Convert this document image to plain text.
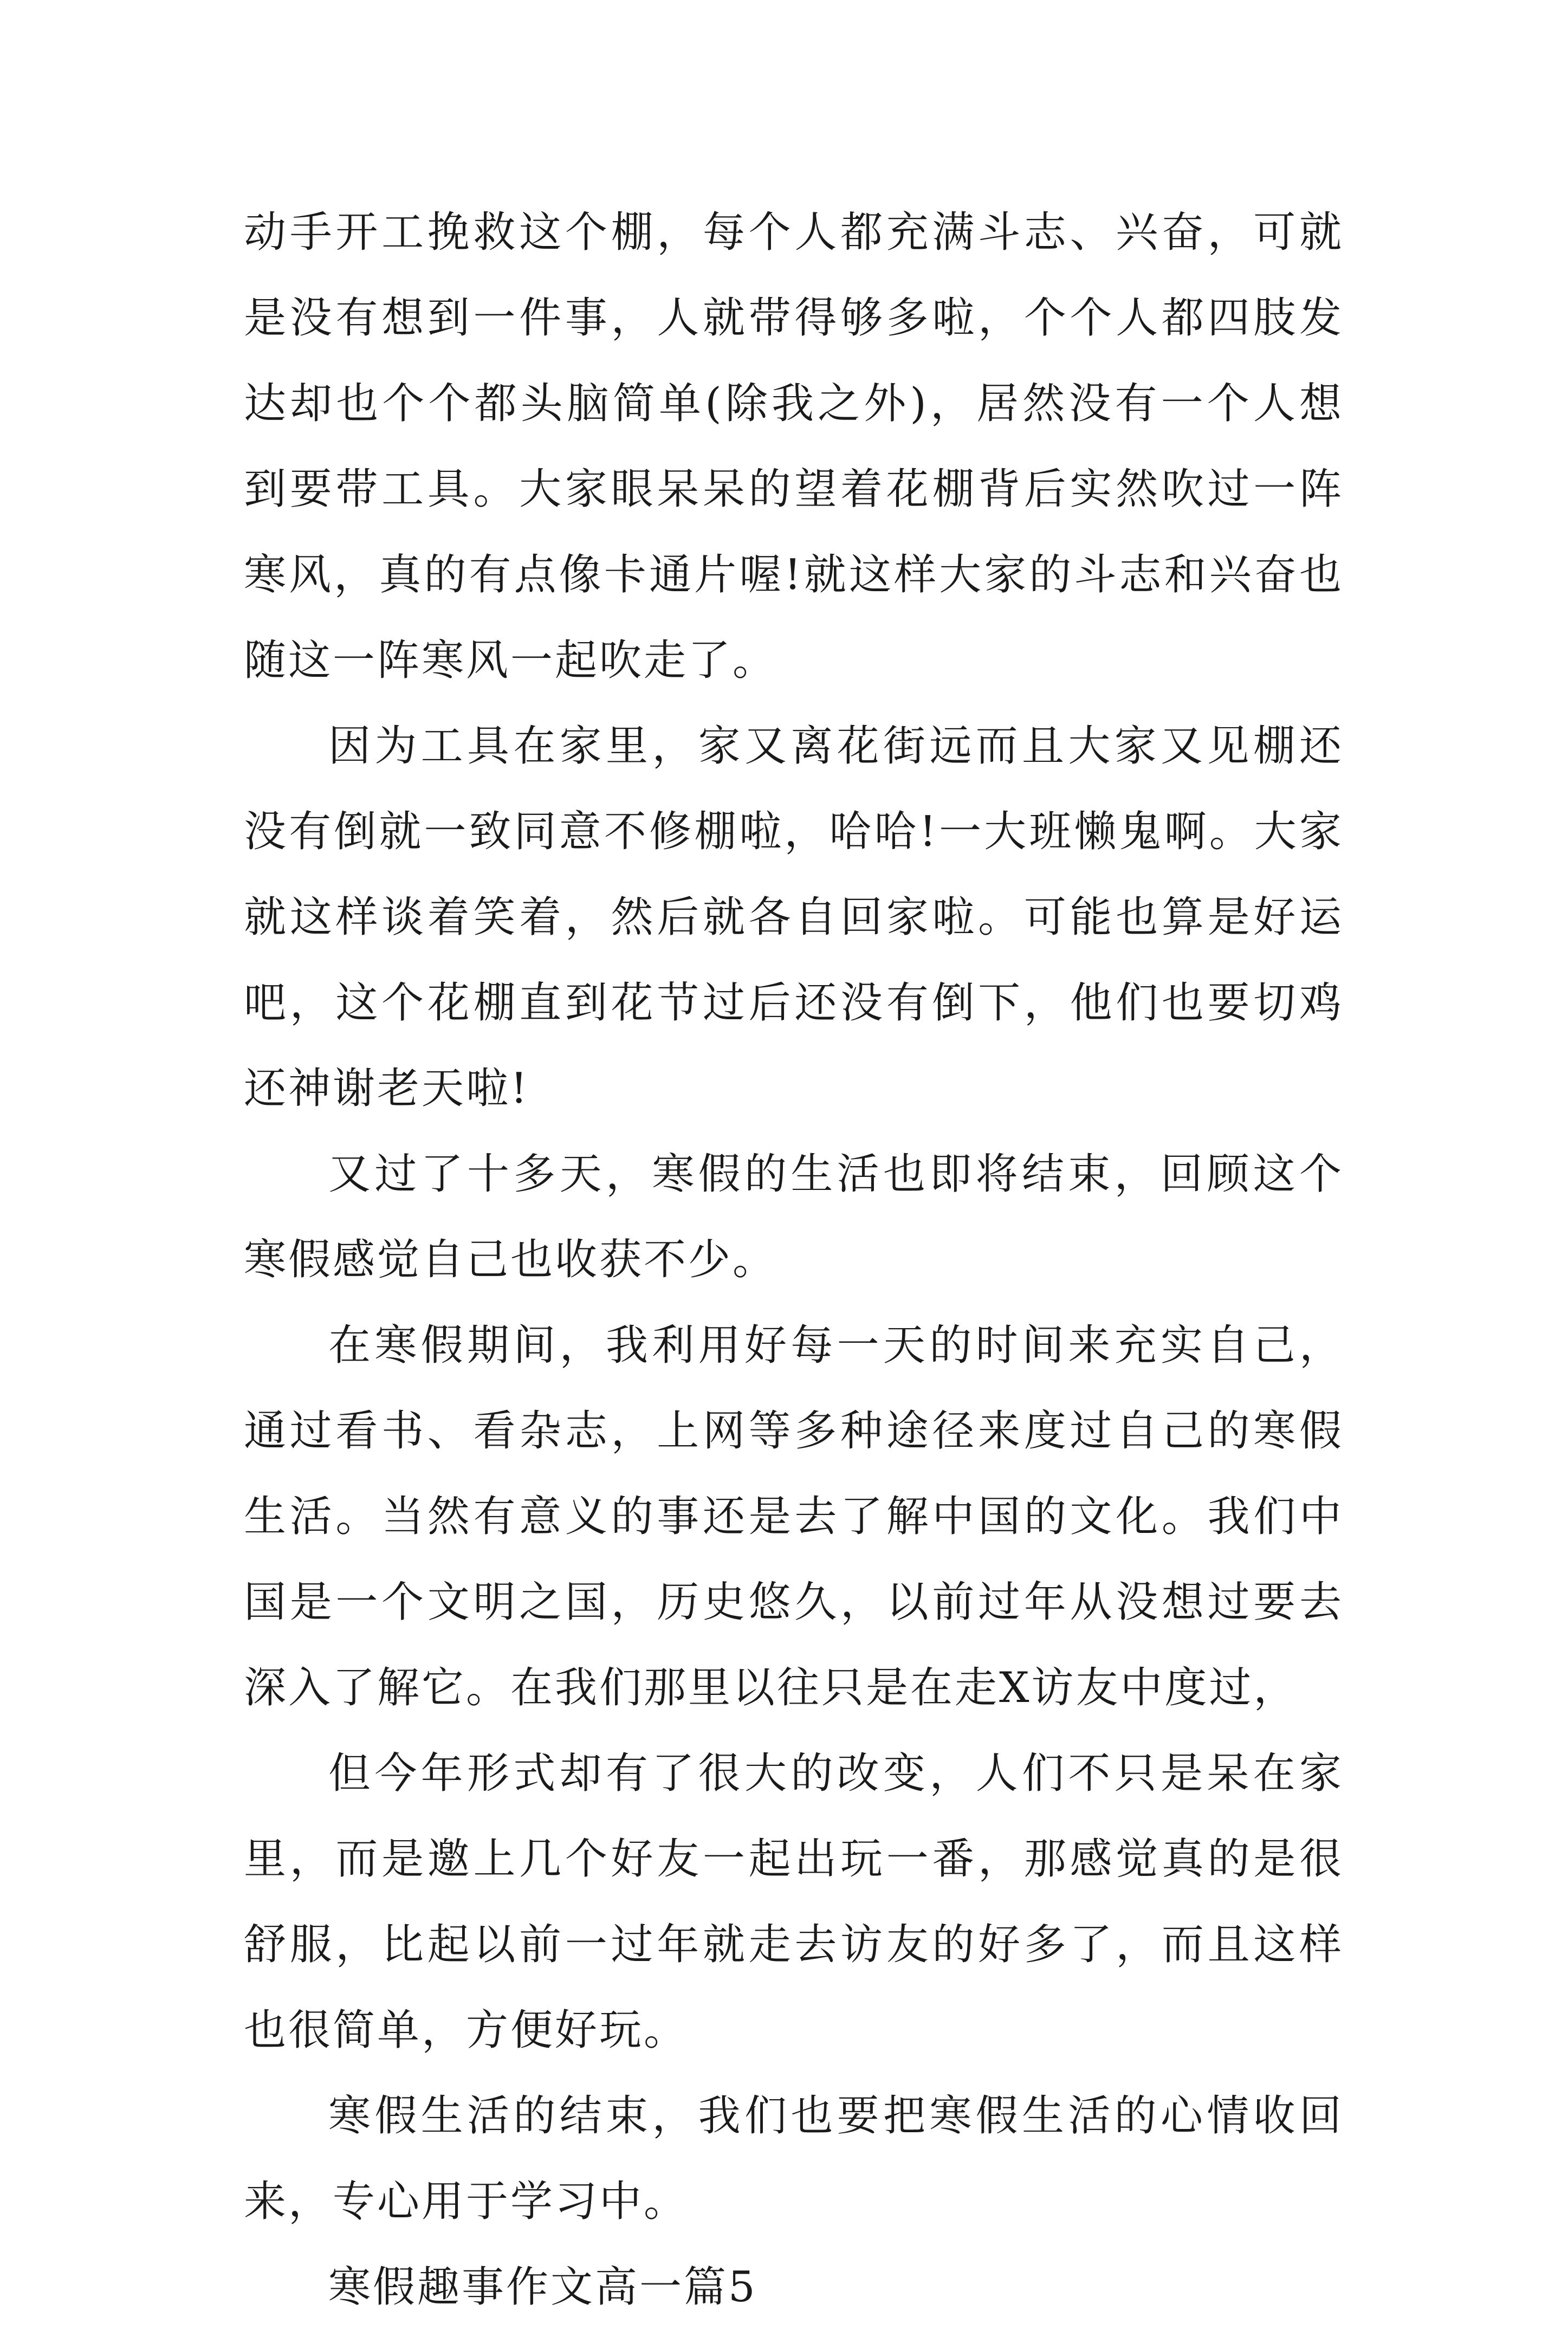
动手开工挽救这个棚，每个人都充满斗志、兴奋，可就是没有想到一件事，人就带得够多啦，个个人都四肢发达却也个个都头脑简单(除我之外)，居然没有一个人想到要带工具。大家眼呆呆的望着花棚背后实然吹过一阵寒风，真的有点像卡通片喔!就这样大家的斗志和兴奋也随这一阵寒风一起吹走了。

因为工具在家里，家又离花街远而且大家又见棚还没有倒就一致同意不修棚啦，哈哈!一大班懒鬼啊。大家就这样谈着笑着，然后就各自回家啦。可能也算是好运吧，这个花棚直到花节过后还没有倒下，他们也要切鸡还神谢老天啦!

又过了十多天，寒假的生活也即将结束，回顾这个寒假感觉自己也收获不少。

在寒假期间，我利用好每一天的时间来充实自己，通过看书、看杂志，上网等多种途径来度过自己的寒假生活。当然有意义的事还是去了解中国的文化。我们中国是一个文明之国，历史悠久，以前过年从没想过要去深入了解它。在我们那里以往只是在走X访友中度过，

但今年形式却有了很大的改变，人们不只是呆在家里，而是邀上几个好友一起出玩一番，那感觉真的是很舒服，比起以前一过年就走去访友的好多了，而且这样也很简单，方便好玩。

寒假生活的结束，我们也要把寒假生活的心情收回来，专心用于学习中。

寒假趣事作文高一篇5
